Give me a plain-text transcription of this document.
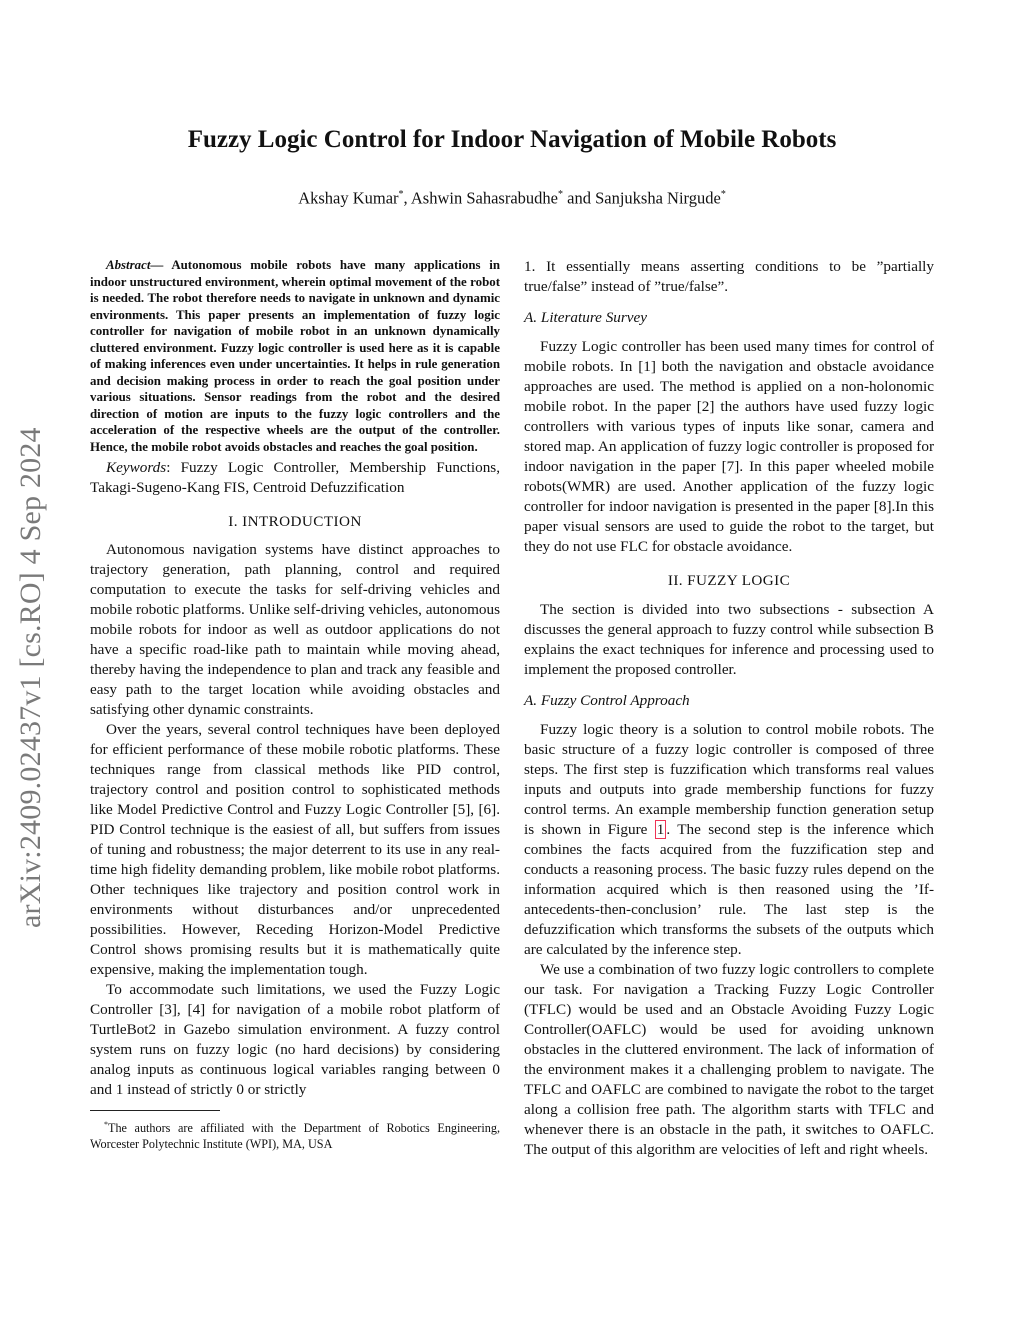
Fuzzy Logic Control for Indoor Navigation of Mobile Robots
Akshay Kumar*, Ashwin Sahasrabudhe* and Sanjuksha Nirgude*
arXiv:2409.02437v1 [cs.RO] 4 Sep 2024

Abstract— Autonomous mobile robots have many applications in indoor unstructured environment, wherein optimal movement of the robot is needed. The robot therefore needs to navigate in unknown and dynamic environments. This paper presents an implementation of fuzzy logic controller for navigation of mobile robot in an unknown dynamically cluttered environment. Fuzzy logic controller is used here as it is capable of making inferences even under uncertainties. It helps in rule generation and decision making process in order to reach the goal position under various situations. Sensor readings from the robot and the desired direction of motion are inputs to the fuzzy logic controllers and the acceleration of the respective wheels are the output of the controller. Hence, the mobile robot avoids obstacles and reaches the goal position.

Keywords: Fuzzy Logic Controller, Membership Functions, Takagi-Sugeno-Kang FIS, Centroid Defuzzification

I. INTRODUCTION

Autonomous navigation systems have distinct approaches to trajectory generation, path planning, control and required computation to execute the tasks for self-driving vehicles and mobile robotic platforms. Unlike self-driving vehicles, autonomous mobile robots for indoor as well as outdoor applications do not have a specific road-like path to maintain while moving ahead, thereby having the independence to plan and track any feasible and easy path to the target location while avoiding obstacles and satisfying other dynamic constraints.

Over the years, several control techniques have been deployed for efficient performance of these mobile robotic platforms. These techniques range from classical methods like PID control, trajectory control and position control to sophisticated methods like Model Predictive Control and Fuzzy Logic Controller [5], [6]. PID Control technique is the easiest of all, but suffers from issues of tuning and robustness; the major deterrent to its use in any real-time high fidelity demanding problem, like mobile robot platforms. Other techniques like trajectory and position control work in environments without disturbances and/or unprecedented possibilities. However, Receding Horizon-Model Predictive Control shows promising results but it is mathematically quite expensive, making the implementation tough.

To accommodate such limitations, we used the Fuzzy Logic Controller [3], [4] for navigation of a mobile robot platform of TurtleBot2 in Gazebo simulation environment. A fuzzy control system runs on fuzzy logic (no hard decisions) by considering analog inputs as continuous logical variables ranging between 0 and 1 instead of strictly 0 or strictly

*The authors are affiliated with the Department of Robotics Engineering, Worcester Polytechnic Institute (WPI), MA, USA

1. It essentially means asserting conditions to be ”partially true/false” instead of ”true/false”.

A. Literature Survey

Fuzzy Logic controller has been used many times for control of mobile robots. In [1] both the navigation and obstacle avoidance approaches are used. The method is applied on a non-holonomic mobile robot. In the paper [2] the authors have used fuzzy logic controllers with various types of inputs like sonar, camera and stored map. An application of fuzzy logic controller is proposed for indoor navigation in the paper [7]. In this paper wheeled mobile robots(WMR) are used. Another application of the fuzzy logic controller for indoor navigation is presented in the paper [8].In this paper visual sensors are used to guide the robot to the target, but they do not use FLC for obstacle avoidance.

II. FUZZY LOGIC

The section is divided into two subsections - subsection A discusses the general approach to fuzzy control while subsection B explains the exact techniques for inference and processing used to implement the proposed controller.

A. Fuzzy Control Approach

Fuzzy logic theory is a solution to control mobile robots. The basic structure of a fuzzy logic controller is composed of three steps. The first step is fuzzification which transforms real values inputs and outputs into grade membership functions for fuzzy control terms. An example membership function generation setup is shown in Figure 1 . The second step is the inference which combines the facts acquired from the fuzzification step and conducts a reasoning process. The basic fuzzy rules depend on the information acquired which is then reasoned using the ’If-antecedents-then-conclusion’ rule. The last step is the defuzzification which transforms the subsets of the outputs which are calculated by the inference step.

We use a combination of two fuzzy logic controllers to complete our task. For navigation a Tracking Fuzzy Logic Controller (TFLC) would be used and an Obstacle Avoiding Fuzzy Logic Controller(OAFLC) would be used for avoiding unknown obstacles in the cluttered environment. The lack of information of the environment makes it a challenging problem to navigate. The TFLC and OAFLC are combined to navigate the robot to the target along a collision free path. The algorithm starts with TFLC and whenever there is an obstacle in the path, it switches to OAFLC. The output of this algorithm are velocities of left and right wheels.
